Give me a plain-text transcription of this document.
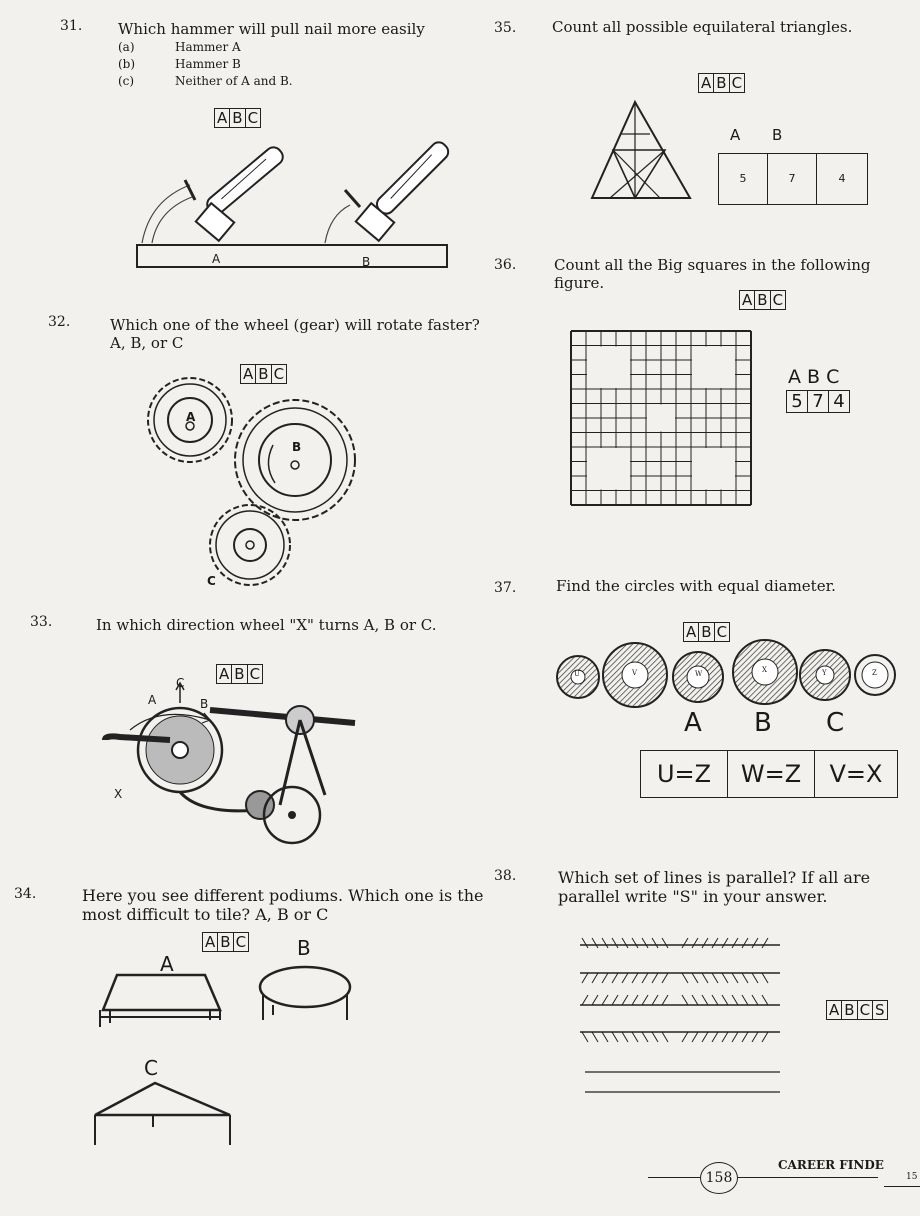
31. Which hammer will pull nail more easily
(a)	Hammer A
(b)	Hammer B
(c)	Neither of A and B.
A B C
A	B
32.	Which one of the wheel (gear) will rotate faster? A, B, or C
A B C
A
B
C
33.	In which direction wheel "X" turns A, B or C.
A B C
A	B
C
X
34.	Here you see different podiums. Which one is the most difficult to tile? A, B or C
A B C
A
B
C
35. Count all possible equilateral triangles.
A B C
A B
5	7	4
36.	Count all the Big squares in the following figure.
A B C
A B C
5 7 4
37.	Find the circles with equal diameter.
A B C
U	V	W	X	Y	Z
A B C
U=Z	W=Z	V=X
38.	Which set of lines is parallel? If all are parallel write "S" in your answer.
A B C S
158
CAREER FINDE
15
